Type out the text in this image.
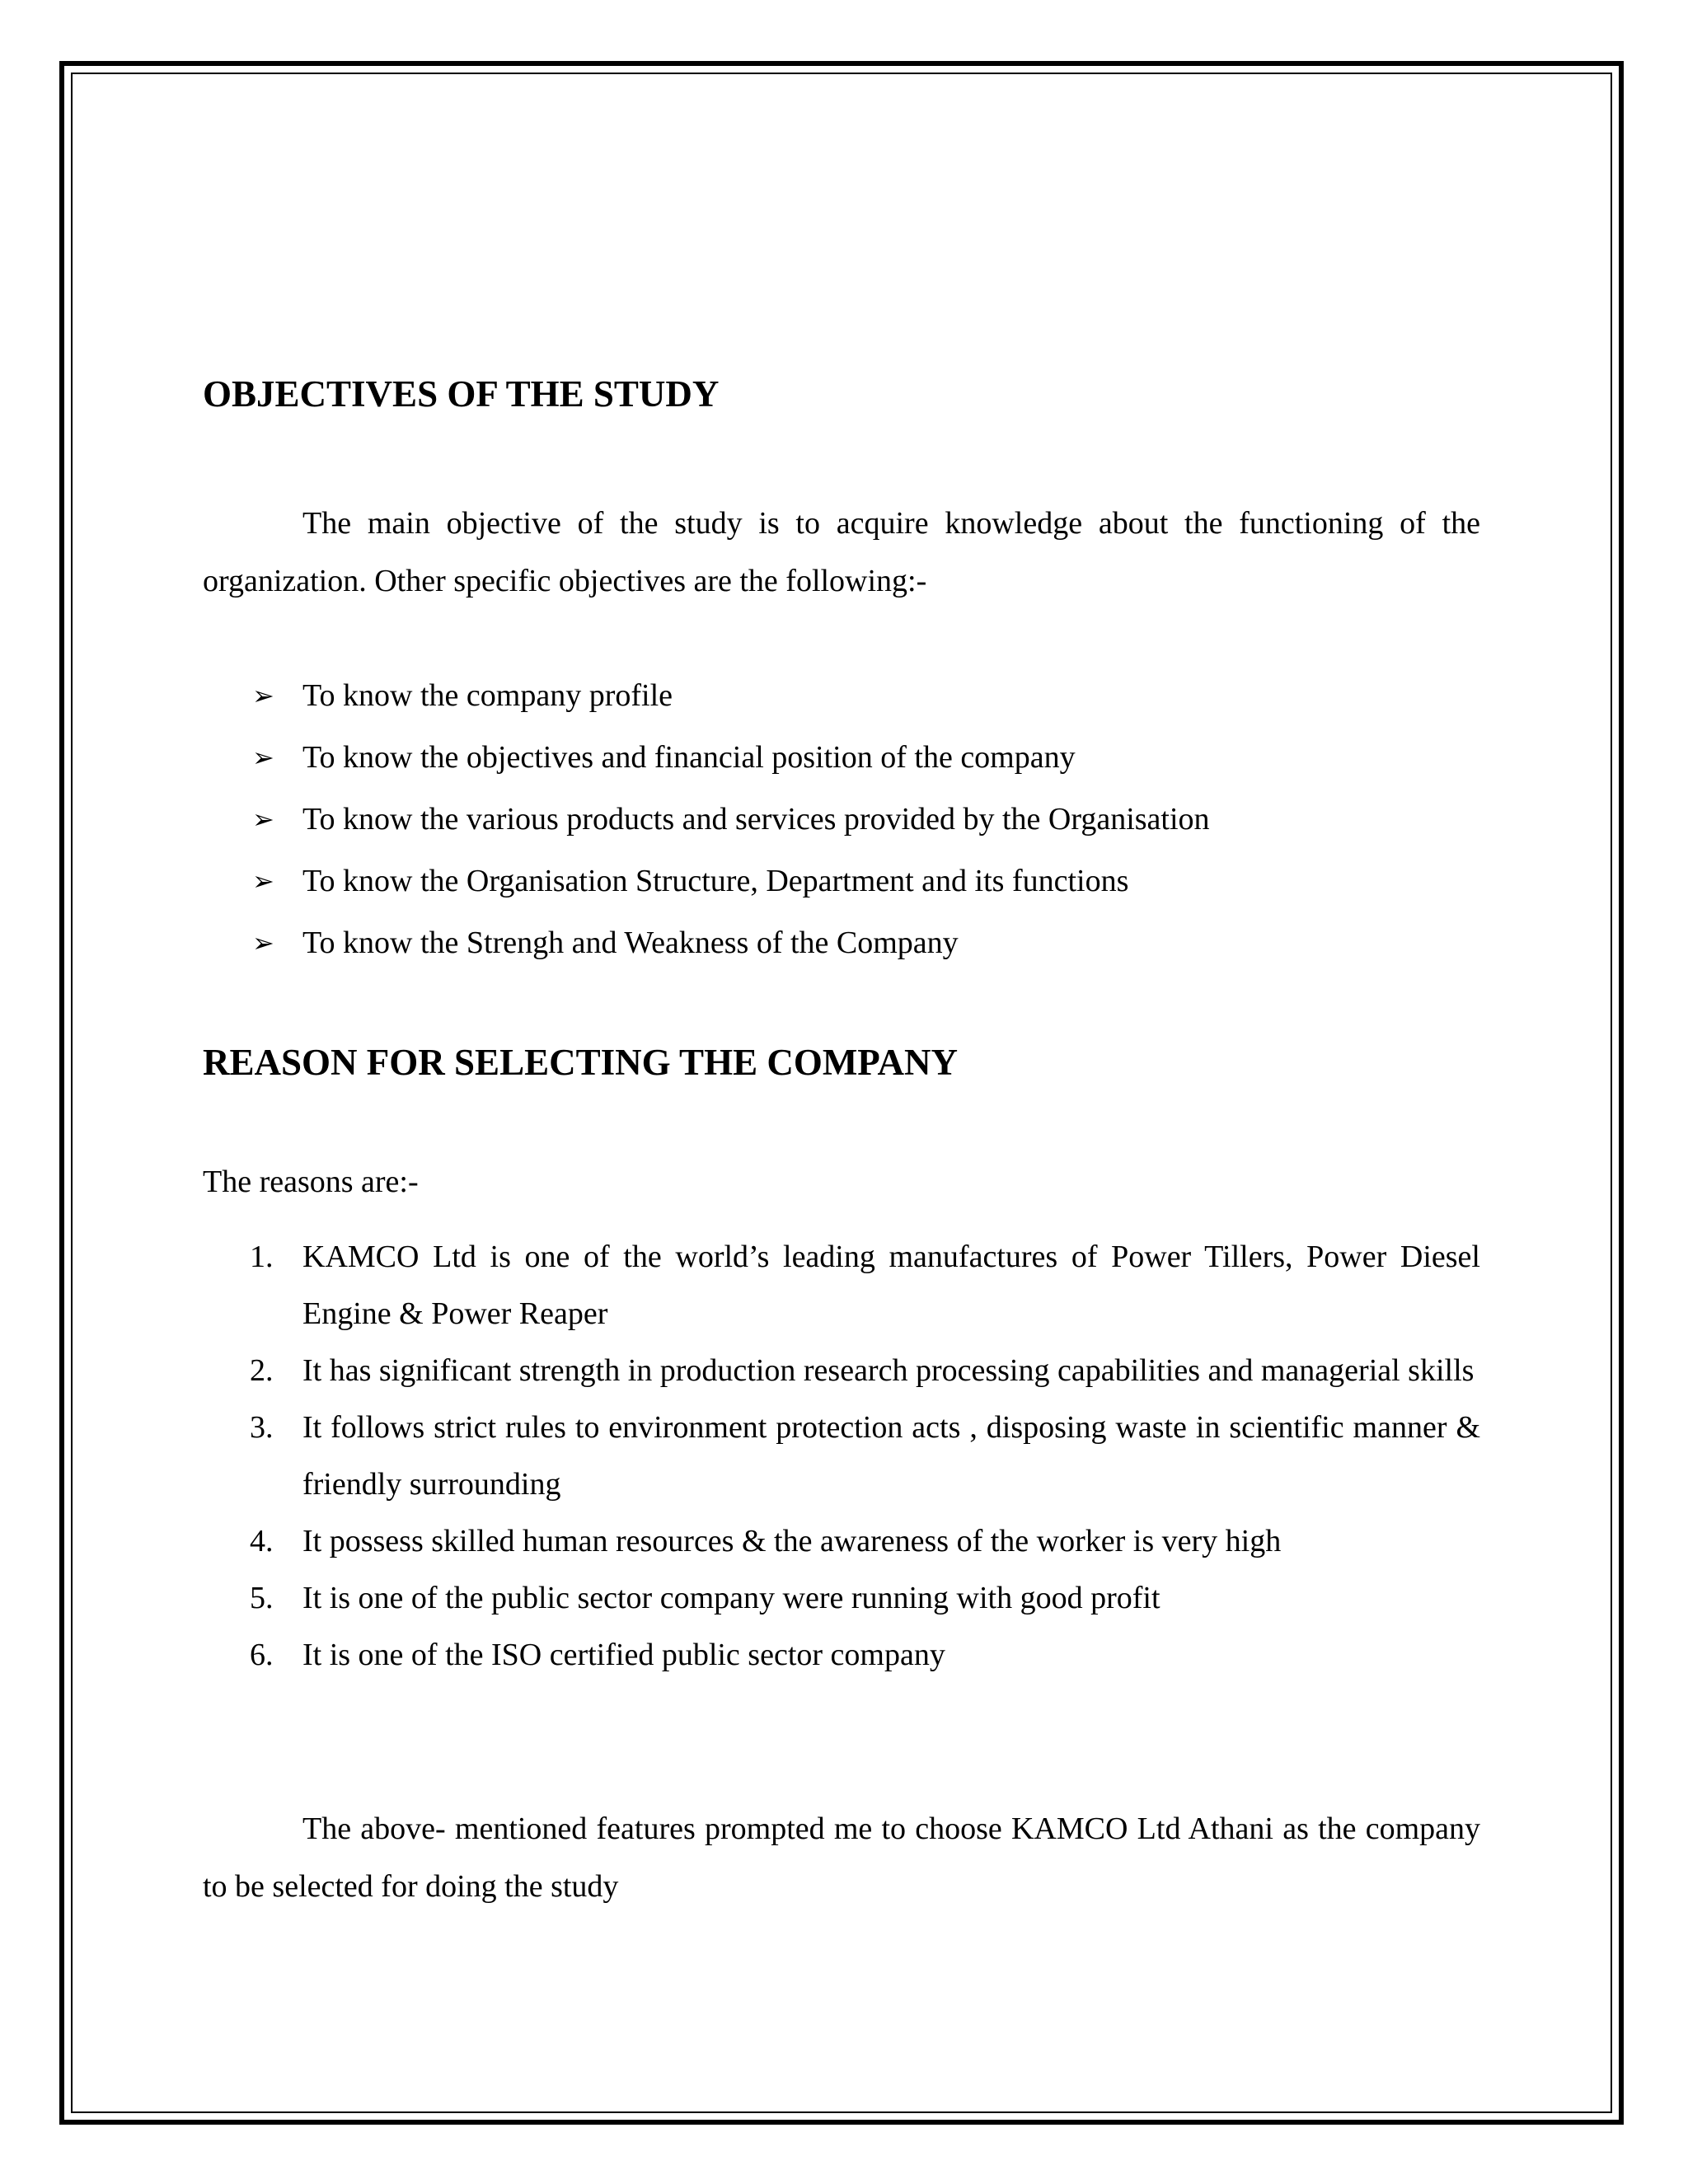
OBJECTIVES OF THE STUDY
The main objective of the study is to acquire knowledge about the functioning of the organization. Other specific objectives are the following:-
➢ To know the company profile
➢ To know the objectives and financial position of the company
➢ To know the various products and services provided by the Organisation
➢ To know the Organisation Structure, Department and its functions
➢ To know the Strengh and Weakness of the Company
REASON FOR SELECTING THE COMPANY
The reasons are:-
1. KAMCO Ltd is one of the world’s leading manufactures of Power Tillers, Power Diesel Engine & Power Reaper
2. It has significant strength in production research processing capabilities and managerial skills
3. It follows strict rules to environment protection acts , disposing waste in scientific manner & friendly surrounding
4. It possess skilled human resources & the awareness of the worker is very high
5. It is one of the public sector company were running with good profit
6. It is one of the ISO certified public sector company
The above- mentioned features prompted me to choose KAMCO Ltd Athani as the company to be selected for doing the study
